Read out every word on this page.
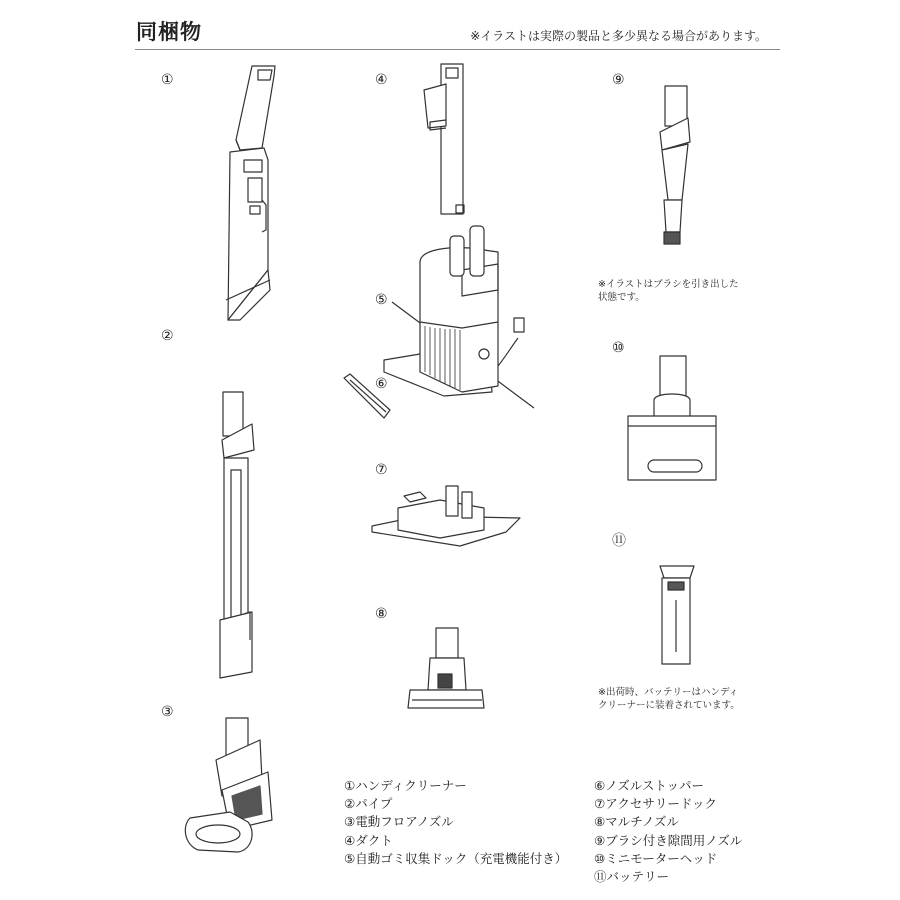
同梱物	※イラストは実際の製品と多少異なる場合があります。
①
②
③
④
⑤
⑥
⑦
⑧
⑨
⑩
⑪
※イラストはブラシを引き出した
状態です。
※出荷時、バッテリーはハンディ
クリーナーに装着されています。
①ハンディクリーナー
②パイプ
③電動フロアノズル
④ダクト
⑤自動ゴミ収集ドック（充電機能付き）
⑥ノズルストッパー
⑦アクセサリードック
⑧マルチノズル
⑨ブラシ付き隙間用ノズル
⑩ミニモーターヘッド
⑪バッテリー
